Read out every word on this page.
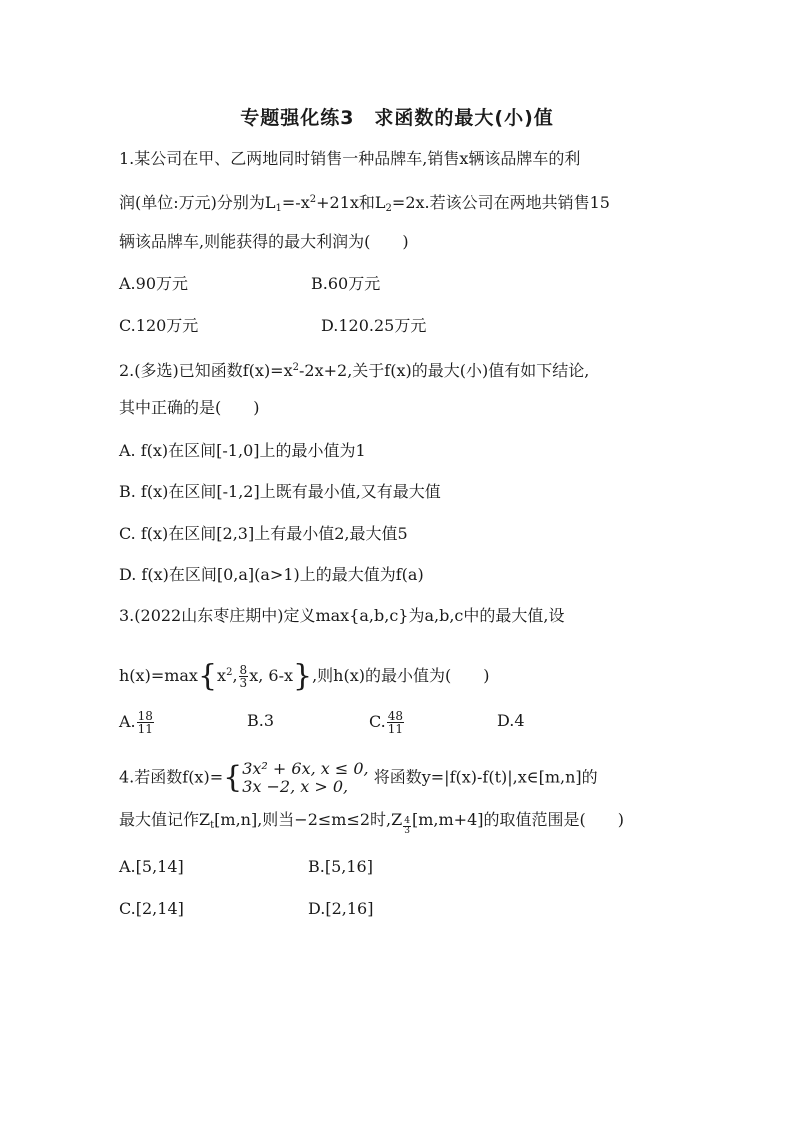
专题强化练3　求函数的最大(小)值
1.某公司在甲、乙两地同时销售一种品牌车,销售x辆该品牌车的利
润(单位:万元)分别为$L_1=-x^2+21x$和$L_2=2x$.若该公司在两地共销售15
辆该品牌车,则能获得的最大利润为(　　)
A.90万元	B.60万元
C.120万元	D.120.25万元
2.(多选)已知函数$f(x)=x^2-2x+2$,关于f(x)的最大(小)值有如下结论,
其中正确的是(　　)
A. f(x)在区间[-1,0]上的最小值为1
B. f(x)在区间[-1,2]上既有最小值,又有最大值
C. f(x)在区间[2,3]上有最小值2,最大值5
D. f(x)在区间[0,a](a>1)上的最大值为f(a)
3.(2022山东枣庄期中)定义max{a,b,c}为a,b,c中的最大值,设
$h(x)=\max\{x^2$, $\frac{8}{3} x$, 6-x},则h(x)的最小值为(　　)
A. $\frac{18}{11}$	B.3	C. $\frac{48}{11}$	D.4
4.若函数f(x)={ 3x² + 6x, x ≤ 0,
3x −2, x > 0,	将函数y=|f(x)-f(t)|,x∈[m,n]的
最大值记作$Z_t[m,n]$,则当−2≤m≤2时$,Z \frac{4}{3} [m,m+4]$的取值范围是(　　)
A.[5,14]	B.[5,16]
C.[2,14]	D.[2,16]
